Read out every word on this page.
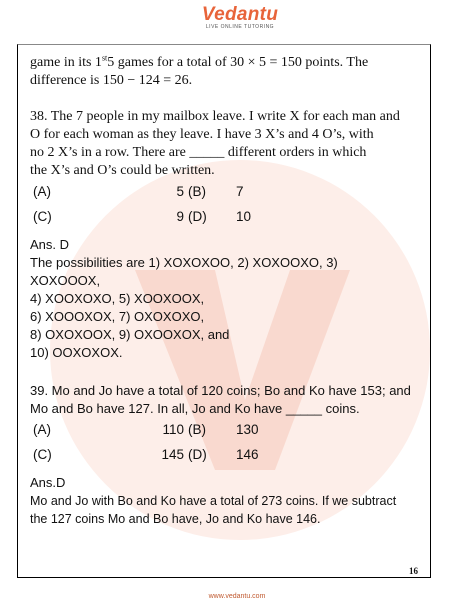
Vedantu
LIVE ONLINE TUTORING

game in its 1st5 games for a total of 30 × 5 = 150 points. The

difference is 150 − 124 = 26.

38. The 7 people in my mailbox leave. I write X for each man and

O for each woman as they leave. I have 3 X’s and 4 O’s, with

no 2 X’s in a row. There are _____ different orders in which

the X’s and O’s could be written.

(A)	5 (B)	7
(C)	9 (D)	10

Ans. D

The possibilities are 1) XOXOXOO, 2) XOXOOXO, 3)

XOXOOOX,

4) XOOXOXO, 5) XOOXOOX,

6) XOOOXOX, 7) OXOXOXO,

8) OXOXOOX, 9) OXOOXOX, and

10) OOXOXOX.

39. Mo and Jo have a total of 120 coins; Bo and Ko have 153; and

Mo and Bo have 127. In all, Jo and Ko have _____ coins.

(A)	110 (B)	130
(C)	145 (D)	146

Ans.D

Mo and Jo with Bo and Ko have a total of 273 coins. If we subtract

the 127 coins Mo and Bo have, Jo and Ko have 146.

16
www.vedantu.com
